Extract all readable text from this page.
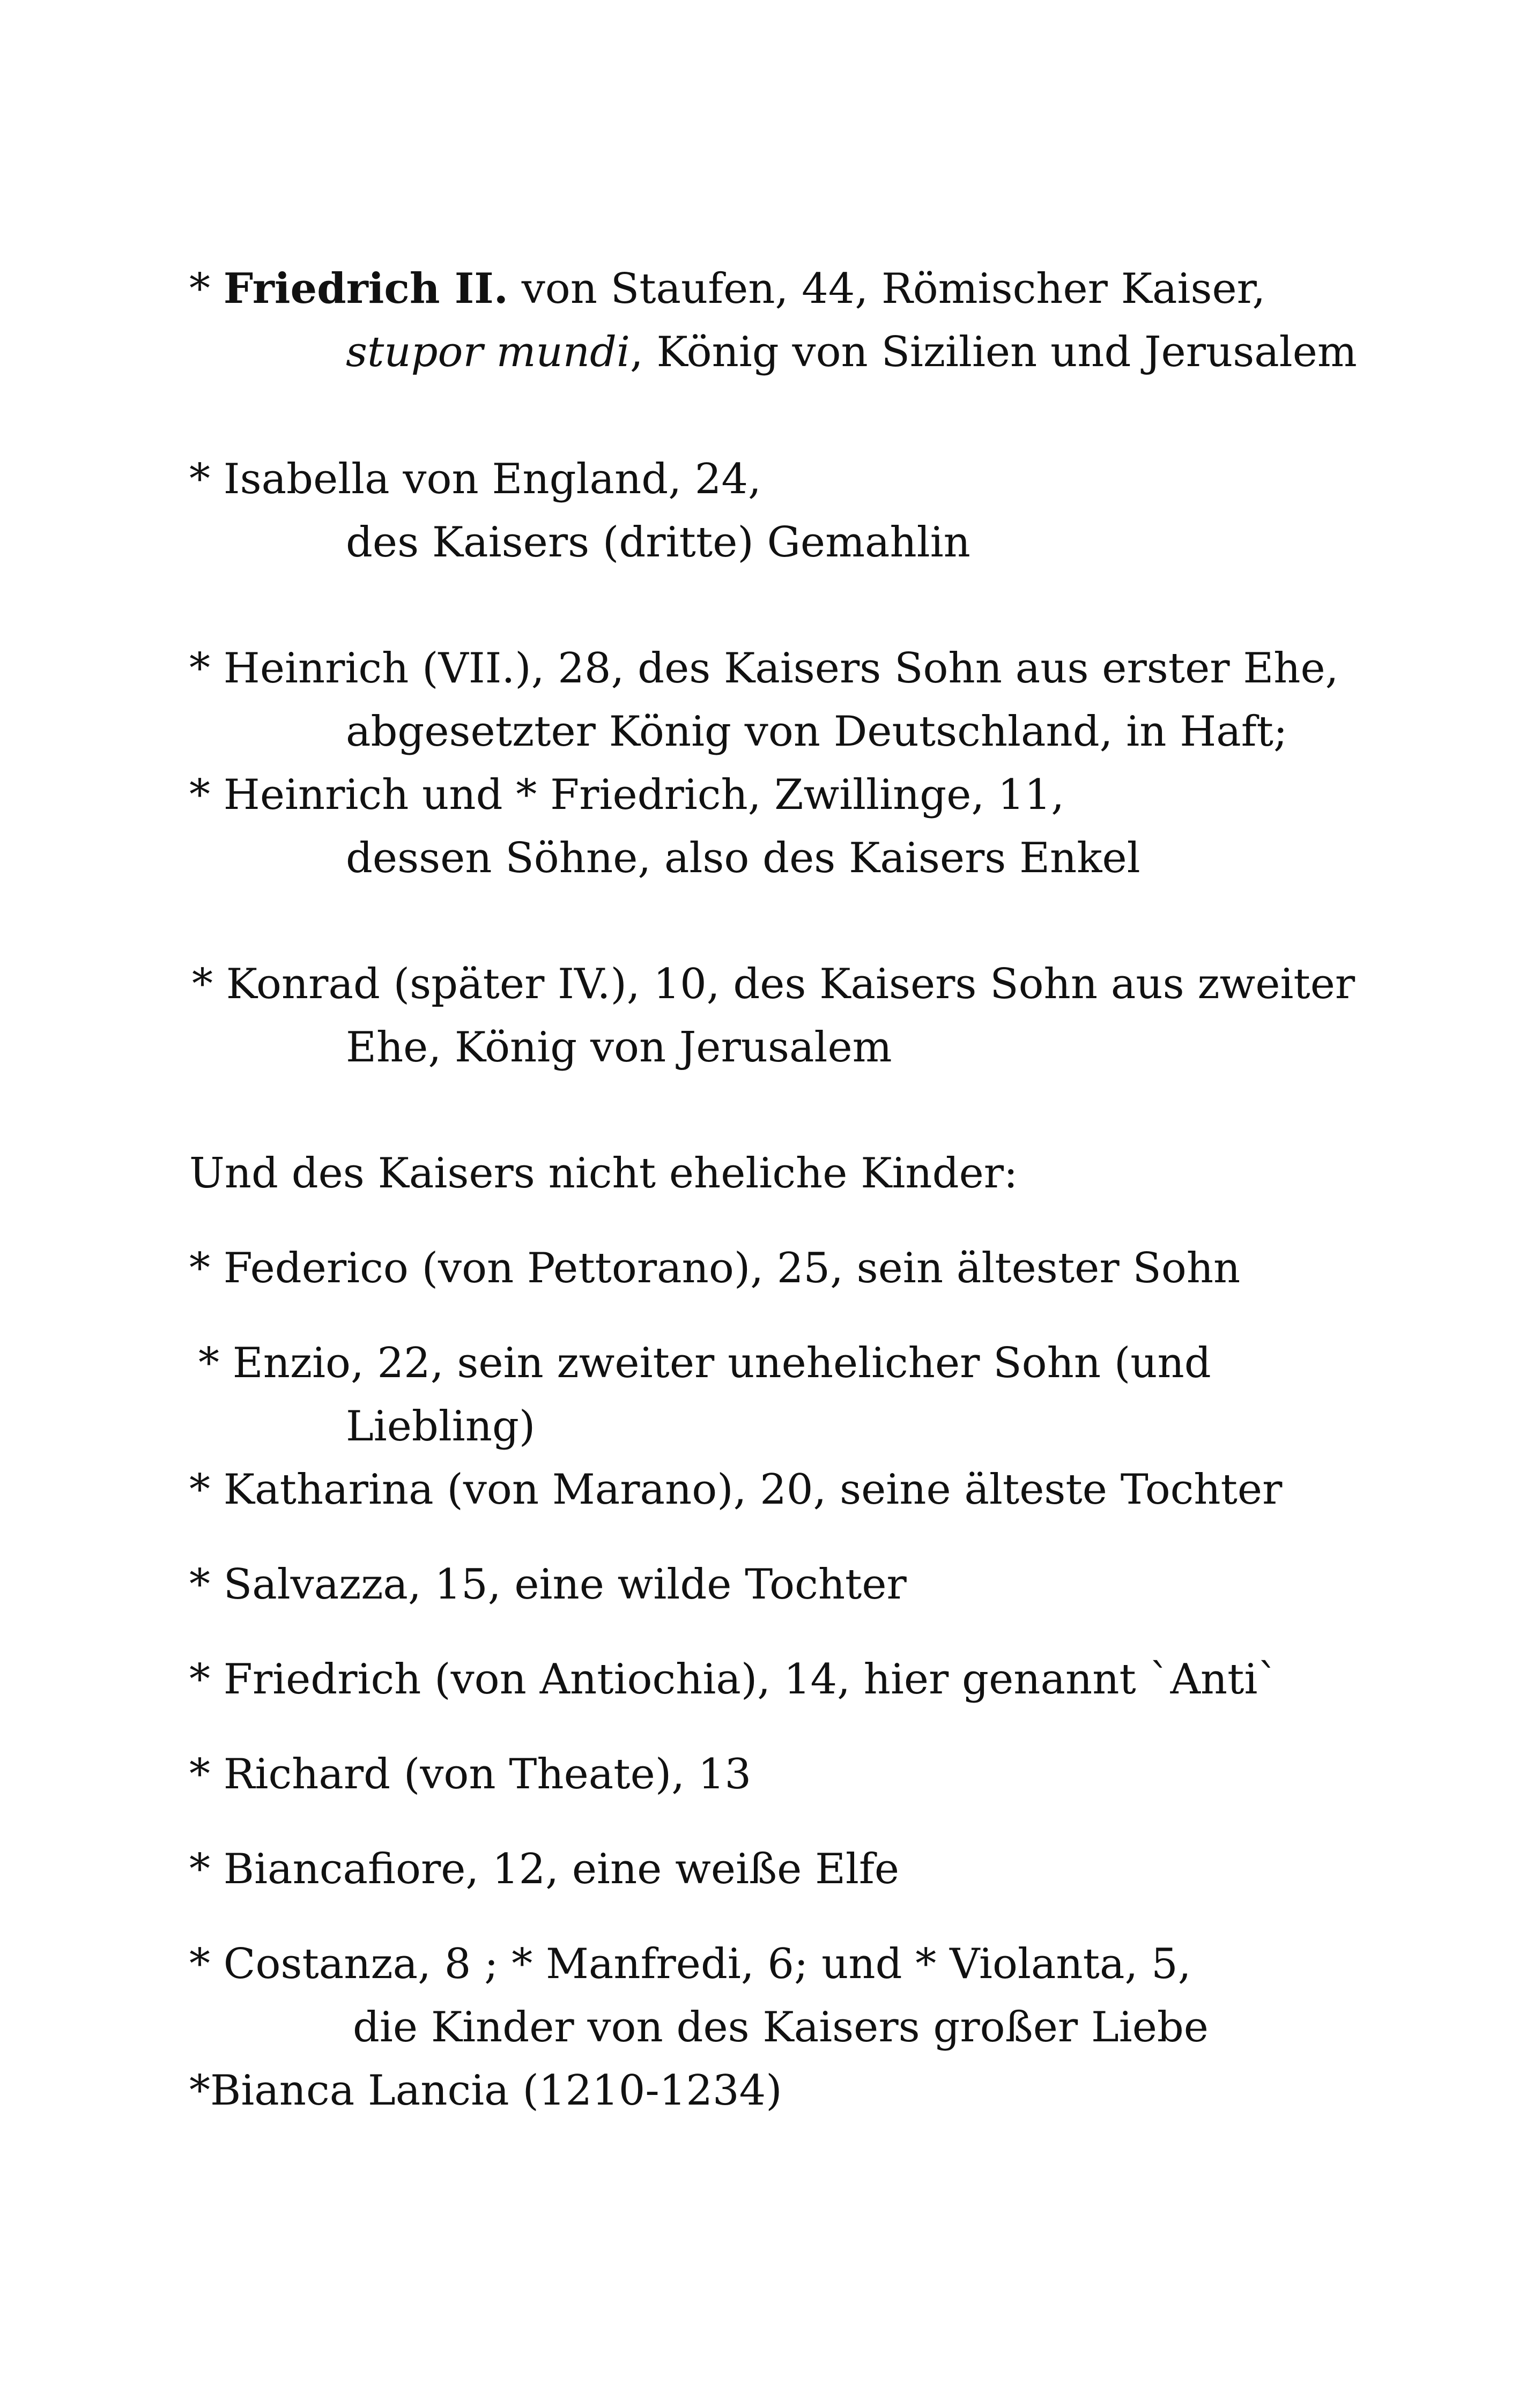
* Friedrich II. von Staufen, 44, Römischer Kaiser,
stupor mundi, König von Sizilien und Jerusalem
* Isabella von England, 24,
des Kaisers (dritte) Gemahlin
* Heinrich (VII.), 28, des Kaisers Sohn aus erster Ehe,
abgesetzter König von Deutschland, in Haft;
* Heinrich und * Friedrich, Zwillinge, 11,
dessen Söhne, also des Kaisers Enkel
* Konrad (später IV.), 10, des Kaisers Sohn aus zweiter
Ehe, König von Jerusalem
Und des Kaisers nicht eheliche Kinder:
* Federico (von Pettorano), 25, sein ältester Sohn
* Enzio, 22, sein zweiter unehelicher Sohn (und
Liebling)
* Katharina (von Marano), 20, seine älteste Tochter
* Salvazza, 15, eine wilde Tochter
* Friedrich (von Antiochia), 14, hier genannt `Anti`
* Richard (von Theate), 13
* Biancafiore, 12, eine weiße Elfe
* Costanza, 8 ; * Manfredi, 6; und * Violanta, 5,
die Kinder von des Kaisers großer Liebe
*Bianca Lancia (1210-1234)
